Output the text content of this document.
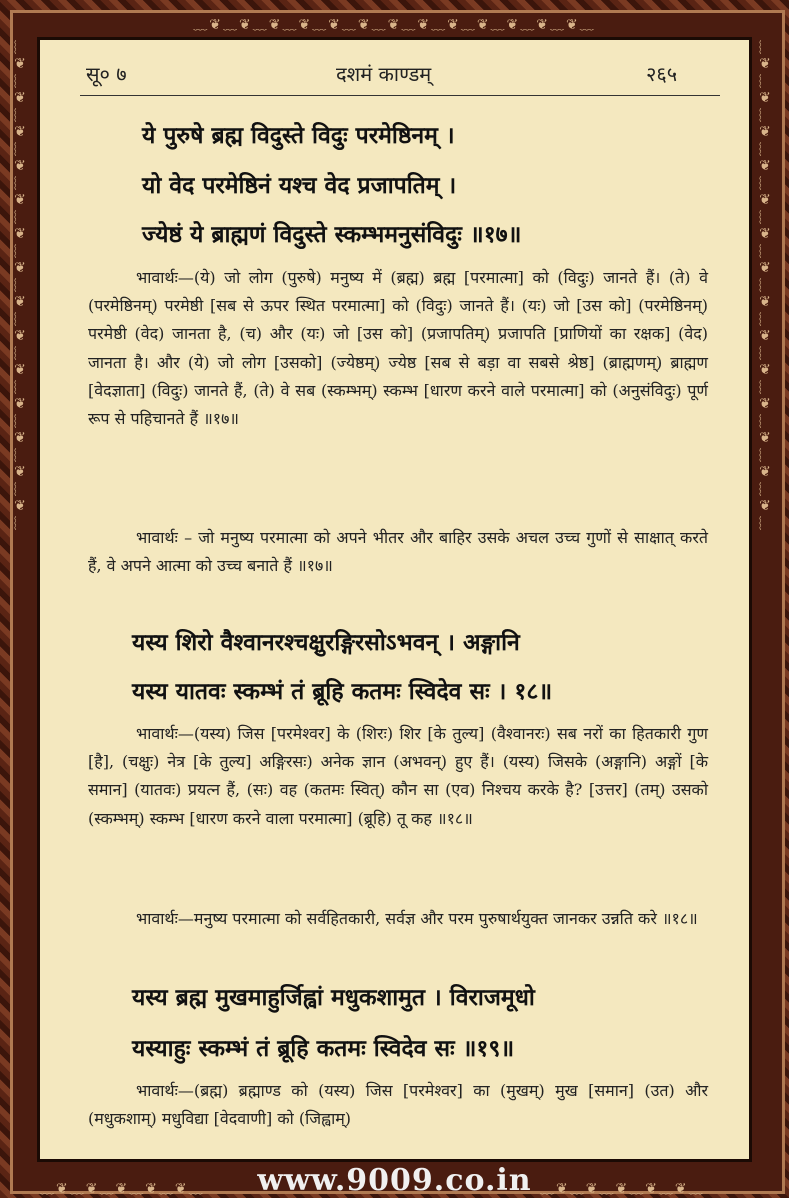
﹏❦﹏❦﹏❦﹏❦﹏❦﹏❦﹏❦﹏❦﹏❦﹏❦﹏❦﹏❦﹏❦﹏
﹏❦﹏❦﹏❦﹏❦﹏❦﹏❦﹏❦﹏❦﹏❦﹏❦﹏❦﹏❦﹏❦﹏❦﹏	﹏❦﹏❦﹏❦﹏❦﹏❦﹏❦﹏❦﹏❦﹏❦﹏❦﹏❦﹏❦﹏❦﹏❦﹏
सू० ७	दशमं काण्डम्	२६५
ये पुरुषे ब्रह्म विदुस्ते विदुः परमेष्ठिनम् ।
यो वेद परमेष्ठिनं यश्च वेद प्रजापतिम् ।
ज्येष्ठं ये ब्राह्मणं विदुस्ते स्कम्भमनुसंविदुः ॥१७॥
भावार्थः—(ये) जो लोग (पुरुषे) मनुष्य में (ब्रह्म) ब्रह्म [परमात्मा] को (विदुः) जानते हैं। (ते) वे (परमेष्ठिनम्) परमेष्ठी [सब से ऊपर स्थित परमात्मा] को (विदुः) जानते हैं। (यः) जो [उस को] (परमेष्ठिनम्) परमेष्ठी (वेद) जानता है, (च) और (यः) जो [उस को] (प्रजापतिम्) प्रजापति [प्राणियों का रक्षक] (वेद) जानता है। और (ये) जो लोग [उसको] (ज्येष्ठम्) ज्येष्ठ [सब से बड़ा वा सबसे श्रेष्ठ] (ब्राह्मणम्) ब्राह्मण [वेदज्ञाता] (विदुः) जानते हैं, (ते) वे सब (स्कम्भम्) स्कम्भ [धारण करने वाले परमात्मा] को (अनुसंविदुः) पूर्ण रूप से पहिचानते हैं ॥१७॥
भावार्थः – जो मनुष्य परमात्मा को अपने भीतर और बाहिर उसके अचल उच्च गुणों से साक्षात् करते हैं, वे अपने आत्मा को उच्च बनाते हैं ॥१७॥
यस्य शिरो वैश्वानरश्चक्षुरङ्गिरसोऽभवन् । अङ्गानि
यस्य यातवः स्कम्भं तं ब्रूहि कतमः स्विदेव सः । १८॥
भावार्थः—(यस्य) जिस [परमेश्वर] के (शिरः) शिर [के तुल्य] (वैश्वानरः) सब नरों का हितकारी गुण [है], (चक्षुः) नेत्र [के तुल्य] अङ्गिरसः) अनेक ज्ञान (अभवन्) हुए हैं। (यस्य) जिसके (अङ्गानि) अङ्गों [के समान] (यातवः) प्रयत्न हैं, (सः) वह (कतमः स्वित्) कौन सा (एव) निश्चय करके है? [उत्तर] (तम्) उसको (स्कम्भम्) स्कम्भ [धारण करने वाला परमात्मा] (ब्रूहि) तू कह ॥१८॥
भावार्थः—मनुष्य परमात्मा को सर्वहितकारी, सर्वज्ञ और परम पुरुषार्थयुक्त जानकर उन्नति करे ॥१८॥
यस्य ब्रह्म मुखमाहुर्जिह्वां मधुकशामुत । विराजमूधो
यस्याहुः स्कम्भं तं ब्रूहि कतमः स्विदेव सः ॥१९॥
भावार्थः—(ब्रह्म) ब्रह्माण्ड को (यस्य) जिस [परमेश्वर] का (मुखम्) मुख [समान] (उत) और (मधुकशाम्) मधुविद्या [वेदवाणी] को (जिह्वाम्)
﹏❦﹏❦﹏❦﹏❦﹏❦﹏	﹏❦﹏❦﹏❦﹏❦﹏❦﹏
www.9009.co.in
